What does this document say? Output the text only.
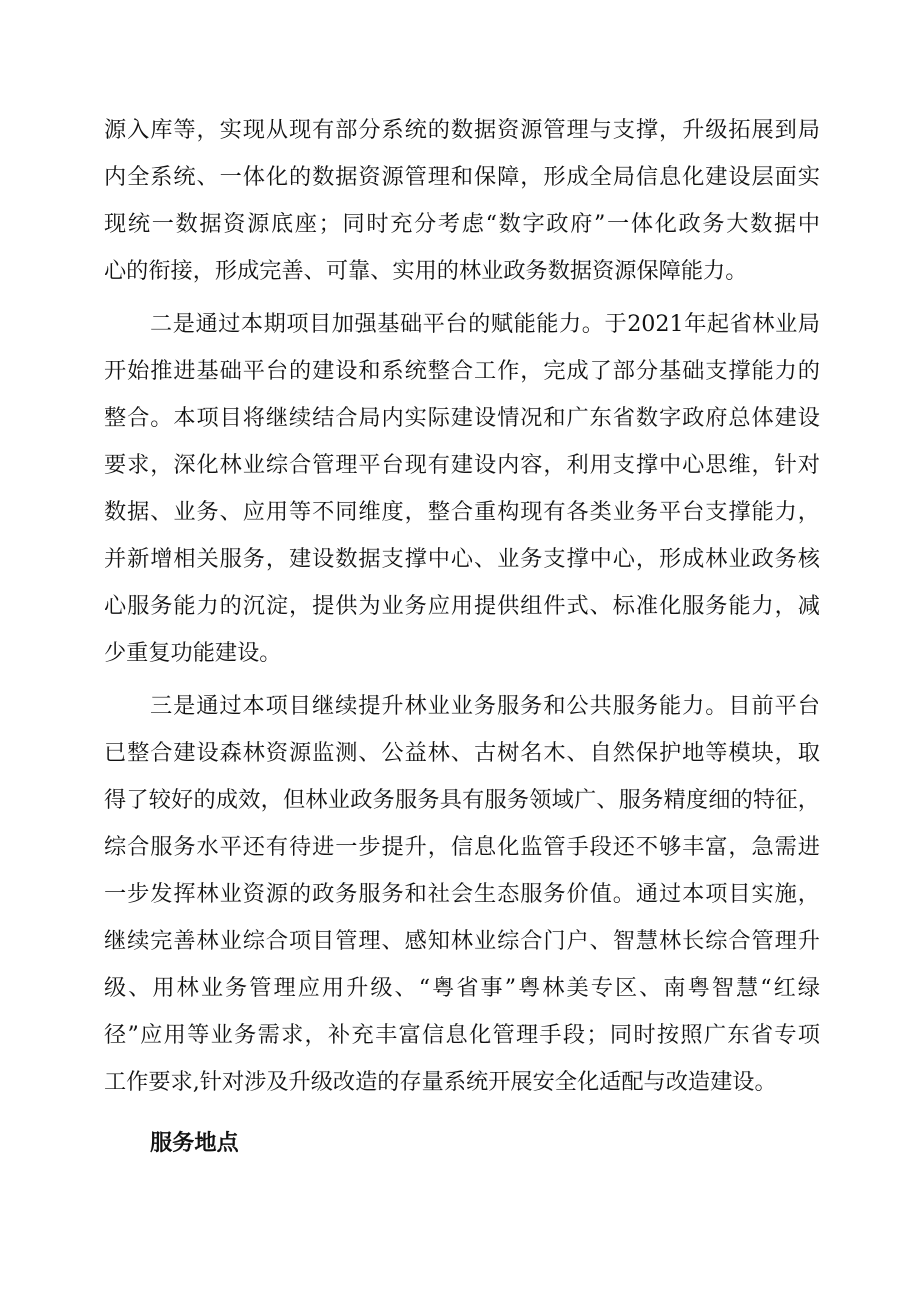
源入库等，实现从现有部分系统的数据资源管理与支撑，升级拓展到局
内全系统、一体化的数据资源管理和保障，形成全局信息化建设层面实
现统一数据资源底座；同时充分考虑“数字政府”一体化政务大数据中
心的衔接，形成完善、可靠、实用的林业政务数据资源保障能力。
二是通过本期项目加强基础平台的赋能能力。于2021年起省林业局
开始推进基础平台的建设和系统整合工作，完成了部分基础支撑能力的
整合。本项目将继续结合局内实际建设情况和广东省数字政府总体建设
要求，深化林业综合管理平台现有建设内容，利用支撑中心思维，针对
数据、业务、应用等不同维度，整合重构现有各类业务平台支撑能力，
并新增相关服务，建设数据支撑中心、业务支撑中心，形成林业政务核
心服务能力的沉淀，提供为业务应用提供组件式、标准化服务能力，减
少重复功能建设。
三是通过本项目继续提升林业业务服务和公共服务能力。目前平台
已整合建设森林资源监测、公益林、古树名木、自然保护地等模块，取
得了较好的成效，但林业政务服务具有服务领域广、服务精度细的特征，
综合服务水平还有待进一步提升，信息化监管手段还不够丰富，急需进
一步发挥林业资源的政务服务和社会生态服务价值。通过本项目实施，
继续完善林业综合项目管理、感知林业综合门户、智慧林长综合管理升
级、用林业务管理应用升级、“粤省事”粤林美专区、南粤智慧“红绿
径”应用等业务需求，补充丰富信息化管理手段；同时按照广东省专项
工作要求,针对涉及升级改造的存量系统开展安全化适配与改造建设。
服务地点
